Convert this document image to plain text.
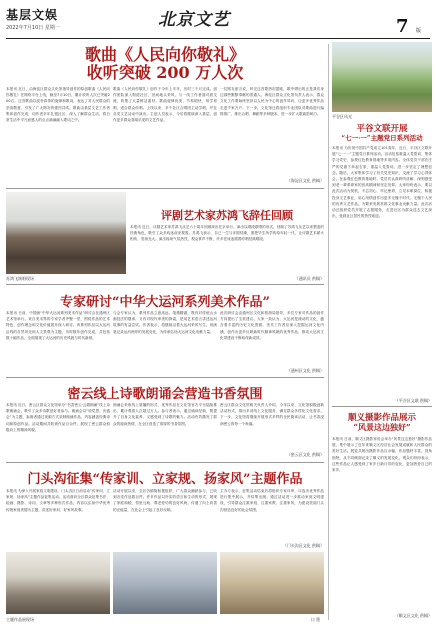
基层文娱
2022年7月10日 星期一	北京文艺	7 版
歌曲《人民向你敬礼》
收听突破 200 万人次
本报讯 近日，由海淀区群众文化馆指导创作的原创歌曲《人民向你敬礼》在网络平台上线，截至7月10日，累计收听人次已突破200万。这首歌曲以质朴真挚的旋律和歌词，表达了对人民群众的崇高敬意，引发了广大网友的强烈共鸣。歌曲由基层文艺工作者集体创作完成，词作者多年扎根社区，深入了解群众生活，将日常生活中平凡而感人的点点滴滴融入歌词之中。
歌曲《人民向你敬礼》创作于今年上半年，历时三个月完成。创作团队深入街道社区、田间地头采风，与一线工作者面对面交流，收集了大量鲜活素材。歌曲旋律优美，节奏明快，易学易唱，适合群众传唱。上线以来，多个社区合唱团主动学唱，并在各类文艺活动中演出。主创人员表示，今后将继续深入基层，创作更多群众喜闻乐见的文艺作品。
一位网友留言说，听完这首歌热泪盈眶，歌中唱出的正是我们身边那些默默奉献的普通人。海淀区群众文化馆负责人表示，群众文化工作要始终坚持以人民为中心的创作导向，让更多优秀作品走进千家万户。下一步，文化馆还将组织专业团队对歌曲进行编排推广，推出合唱、舞蹈等多种版本，进一步扩大歌曲影响力。
（海淀区文化 供稿）
苏鸿飞演唱现场
评剧艺术家苏鸿飞辞任回顾
本报讯 近日，评剧艺术家苏鸿飞从艺六十周年回顾演出在京举行。演出以唱段联唱的形式，回顾了苏鸿飞从艺以来塑造的经典角色，吸引了众多戏迷前来观看。苏鸿飞表示，自己一生与评剧结缘，愿把毕生所学传给年轻一代，让评剧艺术薪火相传、发扬光大。演出现场气氛热烈，观众掌声不断，许多老戏迷跟着哼唱经典唱段。
（通讯员 供稿）
专家研讨“中华大运河系列美术作品”
本报讯 日前，中国画“中华大运河系列美术作品”研讨会在通州区艺术馆举行。来自美术界的专家学者齐聚一堂，围绕作品的艺术特色、创作理念和文化价值展开深入研讨。该系列作品以大运河沿线的自然风光和人文景观为主题，历时数年创作完成，共包括数十幅作品，全面展现了大运河的历史风貌与时代新颜。
与会专家认为，系列作品立意高远，笔墨精湛，既有对传统山水画技法的继承，又有对现代审美的探索，是用艺术语言讲述运河故事的有益尝试。作者表示，将继续沿着大运河采风写生，用画笔记录运河两岸的发展变化，为传承弘扬大运河文化贡献力量。
此次研讨会由通州区文化和旅游局指导，多位专家对作品的创作方向提出了宝贵建议。大家一致认为，大运河是流动的文化，蕴含着丰富的历史文化资源，美术工作者应深入挖掘运河文化内涵，创作出更多反映新时代精神风貌的优秀作品，推动大运河文化带建设不断取得新成效。
（通州区文化 供稿）
密云线上诗歌朗诵会营造书香氛围
本报讯 近日，密云区群众文化馆举办“书香密云·云端朗诵”线上诗歌朗诵会，吸引了众多诗歌爱好者参与。朗诵会以“颂党恩、庆盛会”为主题，参赛者通过视频方式录制朗诵作品，内容涵盖经典诗词和原创作品。活动期间共收到作品百余件，展现了密云群众积极向上的精神风貌。
朗诵会采取线上展播的形式，优秀作品在文化馆官方平台陆续推出，累计观看人次超过万人。参与者表示，通过诵读经典，既提升了自身文化素养，又感受到了诗歌的魅力。活动有效激发了群众的阅读热情，在全区营造了浓厚的书香氛围。
密云区群众文化馆相关负责人介绍，今年以来，文化馆积极创新活动形式，推出多项线上文化服务，满足群众多样化文化需求。下一步，文化馆将继续开展形式多样的全民阅读活动，让书香浸润密云的每一个角落。
（密云区文化 供稿）
门头沟征集“传家训、立家规、扬家风”主题作品
本报讯 为深入开展家庭文明建设，门头沟区日前启动“传家训、立家规、扬家风”主题作品征集活动。活动面向全区群众征集书法、绘画、摄影、诗词、文章等多种形式作品，内容以弘扬中华优秀传统家庭美德为主题，讲述好家训、好家风故事。
活动开展以来，全区各镇街积极组织，广大群众踊跃参与，已收到各类作品数百件。许多作品以朴实的语言和生动的形式，展现了家庭和睦、邻里互助、尊老爱幼的良好风尚，传递了向上向善的正能量，在社会上引起了良好反响。
主办方表示，征集活动结束后将组织专家评审，评选出优秀作品进行集中展示，并结集出版。通过活动进一步推动家庭文明建设，引导群众注重家庭、注重家教、注重家风，为建设美丽门头沟营造良好的社会氛围。
（门头沟区文化 供稿）
主题作品展现场	口 墨
平谷区风光
平谷文联开展
“七一·一”主题党日系列活动
本报讯 为庆祝中国共产党成立101周年，近日，平谷区文联开展“七一·一”主题党日系列活动。活动包括重温入党誓词、集体学习党史、参观红色教育基地等多项内容。全体党员干部在庄严的党旗下举起右拳，重温入党誓词，进一步坚定了理想信念。随后，大家集体学习了有关党史知识，交流了学习心得体会。在参观红色教育基地时，党员们认真聆听讲解，深刻感受到老一辈革命家的崇高精神和坚定信仰。大家纷纷表示，要以此次活动为契机，不忘初心、牢记使命，立足本职岗位，积极投身文艺事业，用心用情创作出更多无愧于时代、无愧于人民的优秀文艺作品，为繁荣发展首都文化事业贡献力量。此次活动还组织党员开展了志愿服务，走进社区为群众送去文艺演出，受到社区居民的热烈欢迎。
（平谷区文联 供稿）
顺义摄影作品展示
“风景这边独好”
本报讯 日前，顺义区摄影家协会举办“风景这边独好”摄影作品展，集中展示了近年来顺义区经济社会发展成就和人民群众的美好生活。展览共展出摄影作品百余幅，作品题材丰富，视角独特，从不同侧面记录了顺义的发展变化。观众们纷纷表示，这些作品让人感受到了家乡日新月异的变化，更加热爱自己的家乡。
（顺义区文化 供稿）
